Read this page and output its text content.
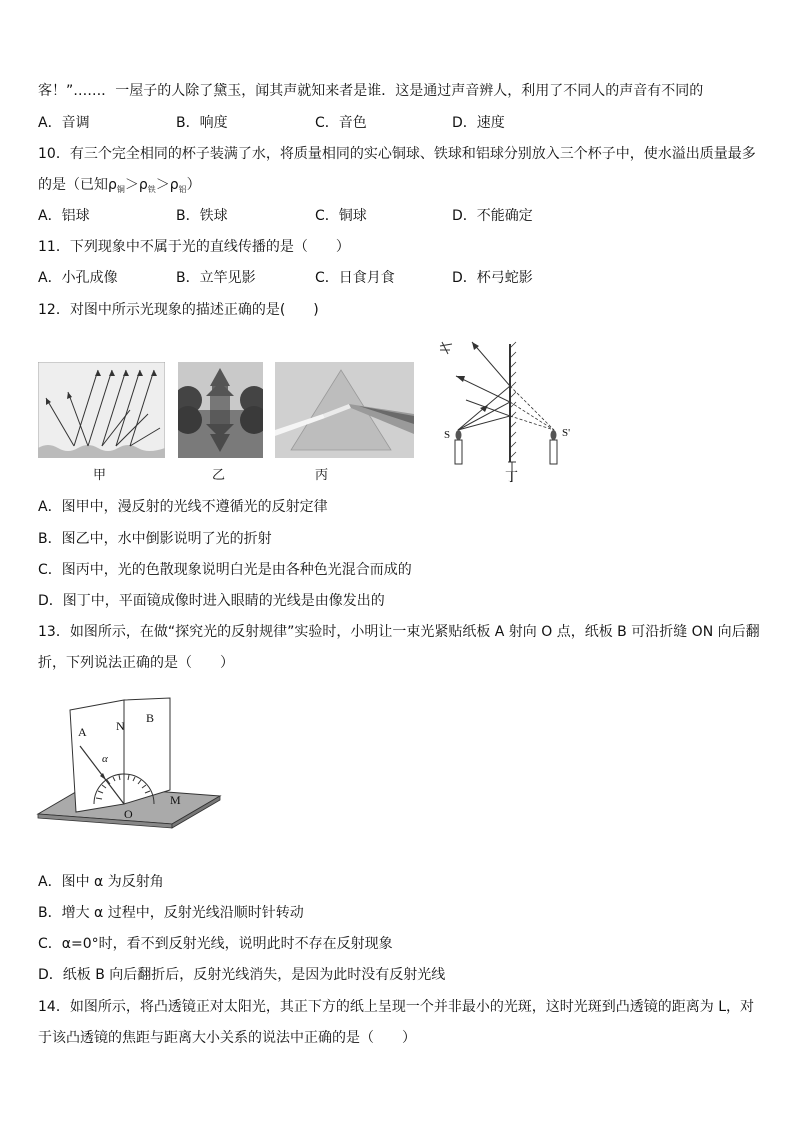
客！”……．一屋子的人除了黛玉，闻其声就知来者是谁．这是通过声音辨人，利用了不同人的声音有不同的
A．音调	B．响度	C．音色	D．速度
10．有三个完全相同的杯子装满了水，将质量相同的实心铜球、铁球和铝球分别放入三个杯子中，使水溢出质量最多
的是（已知$\rho_铜>\rho_铁>\rho_铝$）
A．铝球	B．铁球	C．铜球	D．不能确定
11．下列现象中不属于光的直线传播的是（　　）
A．小孔成像	B．立竿见影	C．日食月食	D．杯弓蛇影
12．对图中所示光现象的描述正确的是(　　)
甲	乙	丙
S	S'
丁
A．图甲中，漫反射的光线不遵循光的反射定律
B．图乙中，水中倒影说明了光的折射
C．图丙中，光的色散现象说明白光是由各种色光混合而成的
D．图丁中，平面镜成像时进入眼睛的光线是由像发出的
13．如图所示，在做“探究光的反射规律”实验时，小明让一束光紧贴纸板 A 射向 O 点，纸板 B 可沿折缝 ON 向后翻
折，下列说法正确的是（　　）
N
A
B
α
O
M
A．图中 α 为反射角
B．增大 α 过程中，反射光线沿顺时针转动
C．α=0°时，看不到反射光线，说明此时不存在反射现象
D．纸板 B 向后翻折后，反射光线消失，是因为此时没有反射光线
14．如图所示，将凸透镜正对太阳光，其正下方的纸上呈现一个并非最小的光斑，这时光斑到凸透镜的距离为 L，对
于该凸透镜的焦距与距离大小关系的说法中正确的是（　　）
